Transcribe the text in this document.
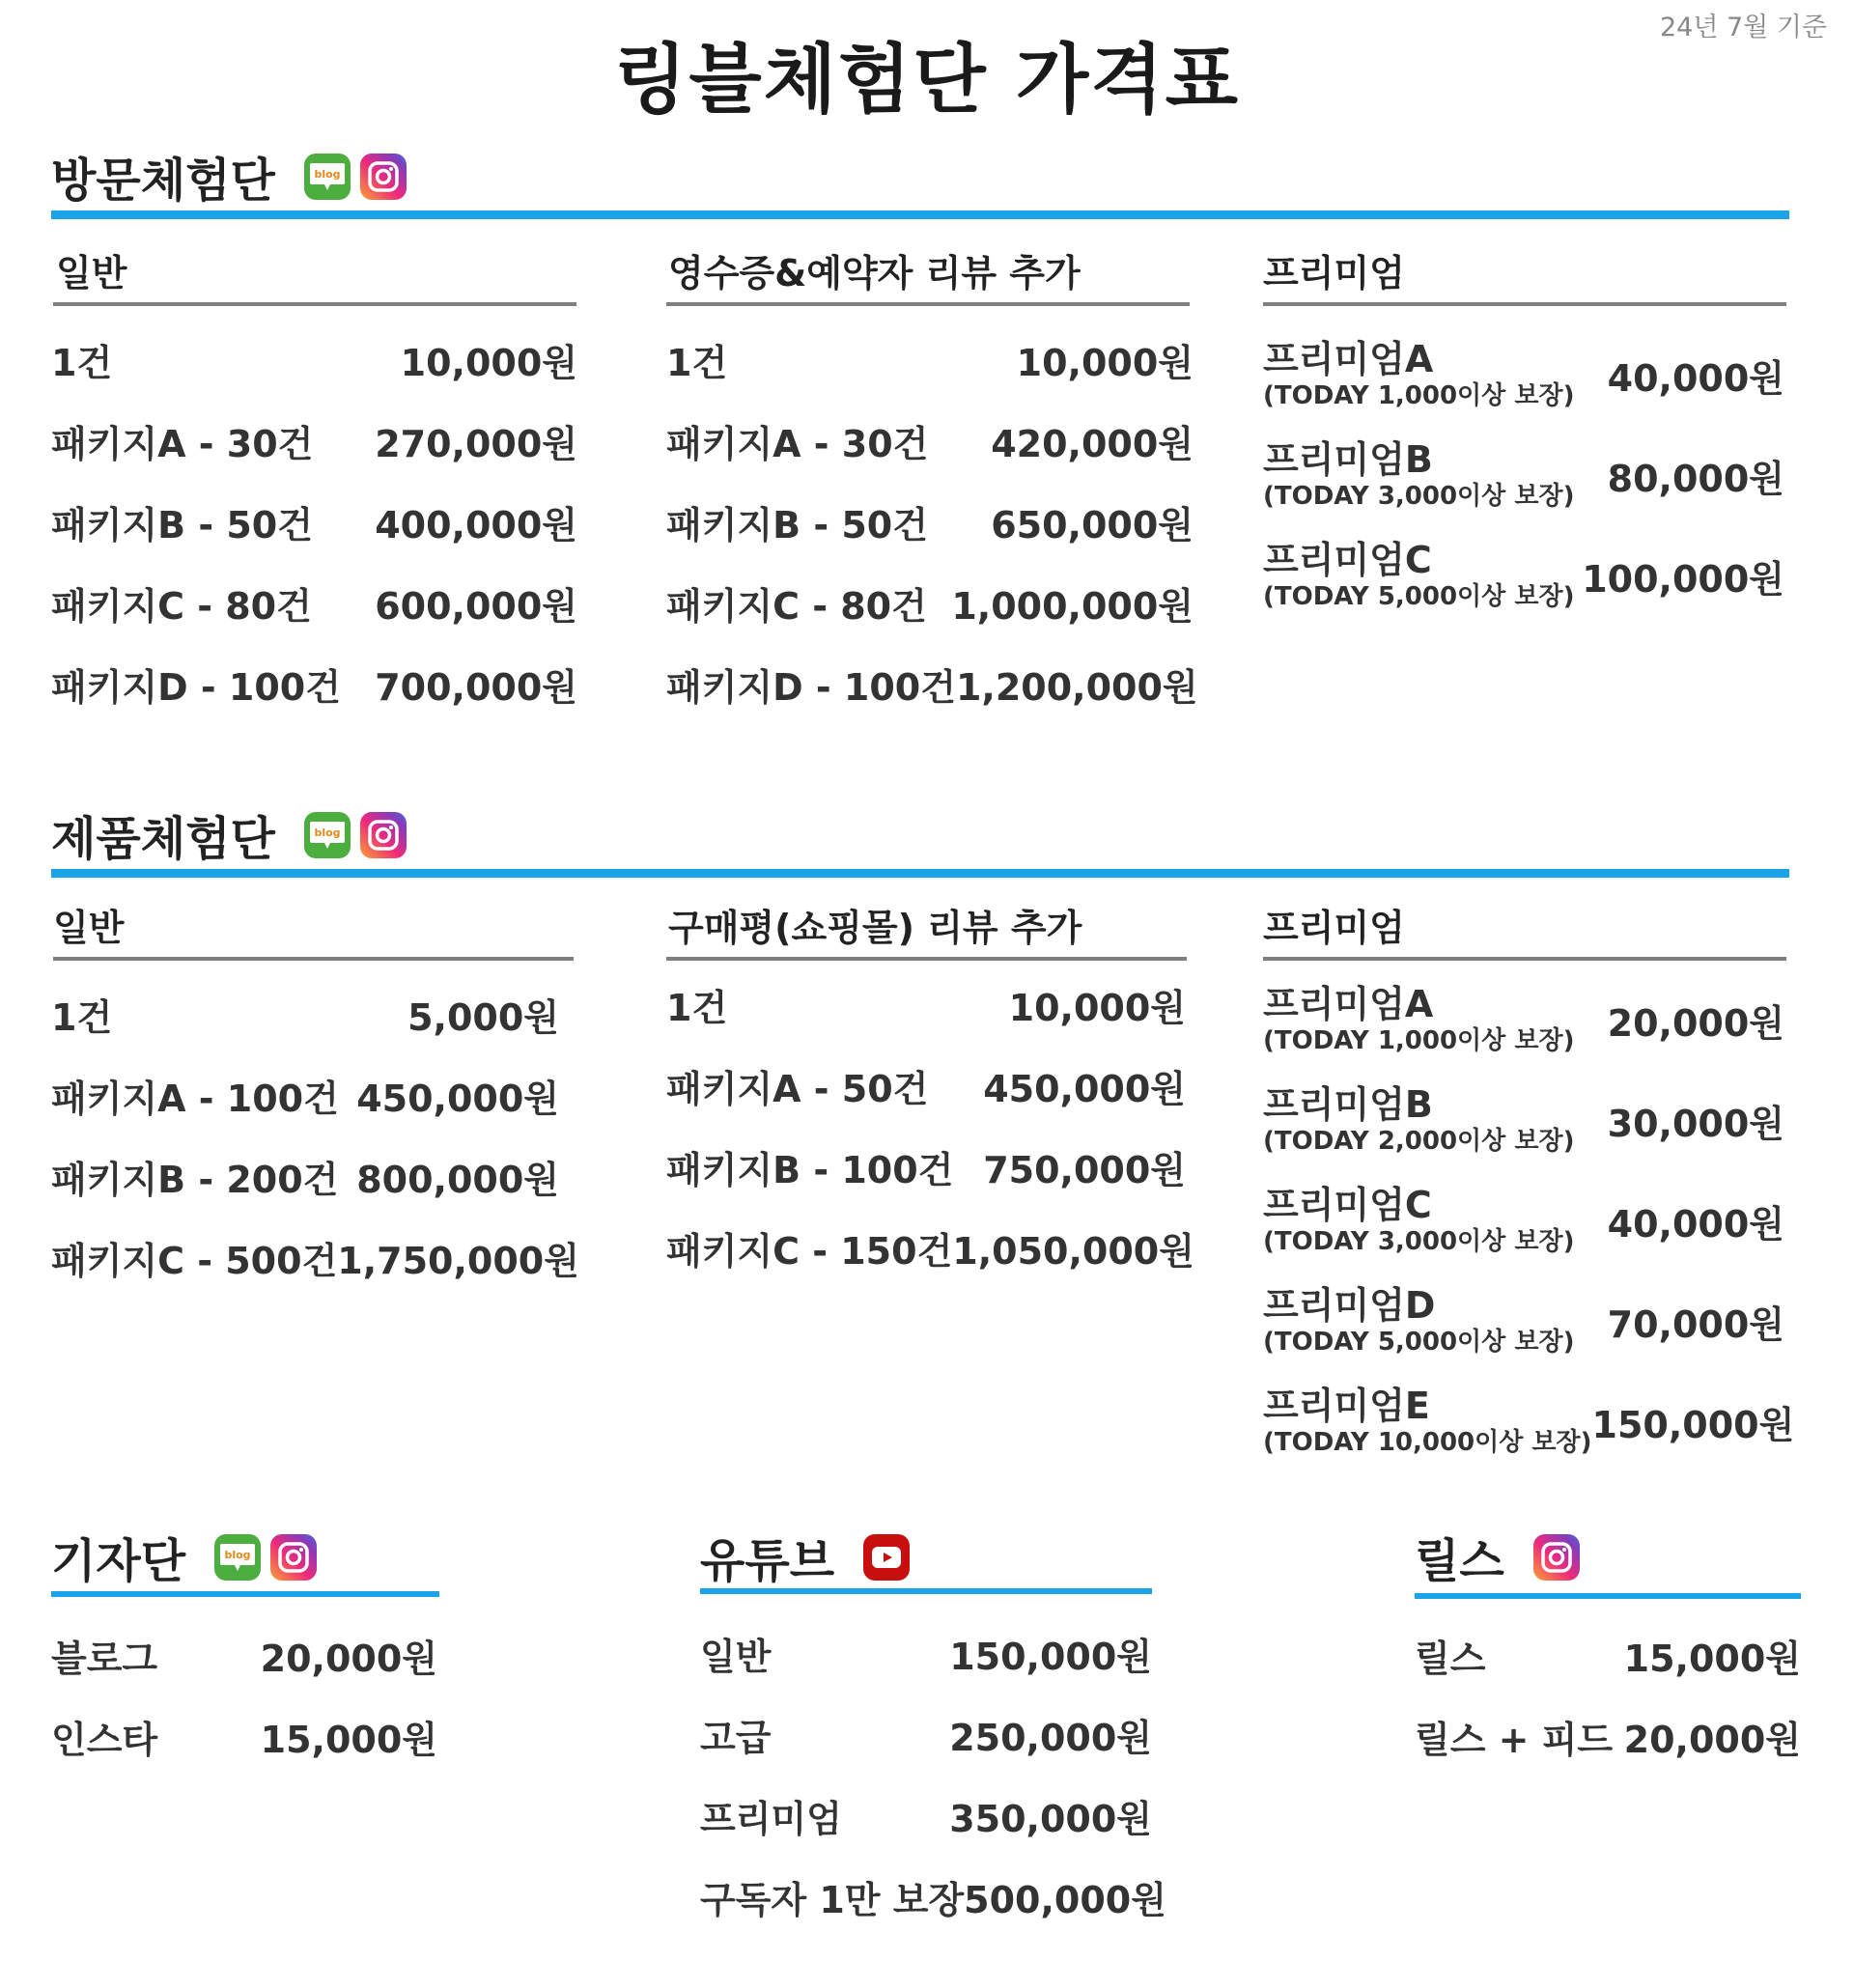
24년 7월 기준
링블체험단 가격표
방문체험단	blog
일반
1건	10,000원
패키지A - 30건 270,000원
패키지B - 50건 400,000원
패키지C - 80건 600,000원
패키지D - 100건 700,000원
영수증&예약자 리뷰 추가
1건	10,000원
패키지A - 30건 420,000원
패키지B - 50건 650,000원
패키지C - 80건 1,000,000원
패키지D - 100건 1,200,000원
프리미엄
프리미엄A
(TODAY 1,000이상 보장) 40,000원
프리미엄B
(TODAY 3,000이상 보장) 80,000원
프리미엄C
(TODAY 5,000이상 보장) 100,000원
제품체험단	blog
일반
1건	5,000원
패키지A - 100건 450,000원
패키지B - 200건 800,000원
패키지C - 500건 1,750,000원
구매평(쇼핑몰) 리뷰 추가
1건	10,000원
패키지A - 50건 450,000원
패키지B - 100건 750,000원
패키지C - 150건 1,050,000원
프리미엄
프리미엄A
(TODAY 1,000이상 보장) 20,000원
프리미엄B
(TODAY 2,000이상 보장) 30,000원
프리미엄C
(TODAY 3,000이상 보장) 40,000원
프리미엄D
(TODAY 5,000이상 보장) 70,000원
프리미엄E
(TODAY 10,000이상 보장) 150,000원
기자단	blog
블로그	20,000원
인스타	15,000원
유튜브
일반	150,000원
고급	250,000원
프리미엄	350,000원
구독자 1만 보장 500,000원
릴스
릴스	15,000원
릴스 + 피드 20,000원
